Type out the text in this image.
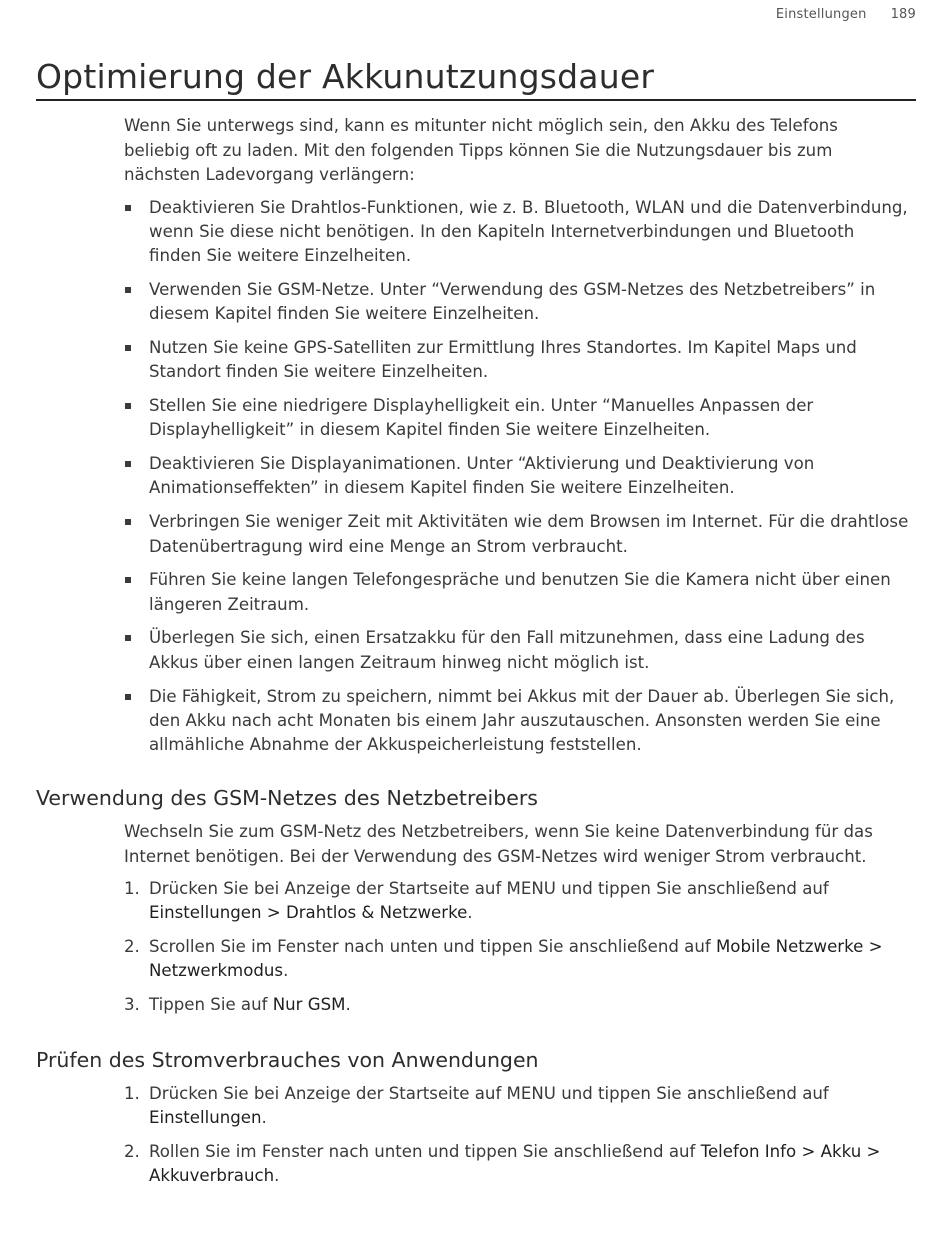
Einstellungen 189
Optimierung der Akkunutzungsdauer

Wenn Sie unterwegs sind, kann es mitunter nicht möglich sein, den Akku des Telefons beliebig oft zu laden. Mit den folgenden Tipps können Sie die Nutzungsdauer bis zum nächsten Ladevorgang verlängern:

Deaktivieren Sie Drahtlos-Funktionen, wie z. B. Bluetooth, WLAN und die Datenverbindung, wenn Sie diese nicht benötigen. In den Kapiteln Internetverbindungen und Bluetooth finden Sie weitere Einzelheiten.
Verwenden Sie GSM-Netze. Unter “Verwendung des GSM-Netzes des Netzbetreibers” in diesem Kapitel finden Sie weitere Einzelheiten.
Nutzen Sie keine GPS-Satelliten zur Ermittlung Ihres Standortes. Im Kapitel Maps und Standort finden Sie weitere Einzelheiten.
Stellen Sie eine niedrigere Displayhelligkeit ein. Unter “Manuelles Anpassen der Displayhelligkeit” in diesem Kapitel finden Sie weitere Einzelheiten.
Deaktivieren Sie Displayanimationen. Unter “Aktivierung und Deaktivierung von Animationseffekten” in diesem Kapitel finden Sie weitere Einzelheiten.
Verbringen Sie weniger Zeit mit Aktivitäten wie dem Browsen im Internet. Für die drahtlose Datenübertragung wird eine Menge an Strom verbraucht.
Führen Sie keine langen Telefongespräche und benutzen Sie die Kamera nicht über einen längeren Zeitraum.
Überlegen Sie sich, einen Ersatzakku für den Fall mitzunehmen, dass eine Ladung des Akkus über einen langen Zeitraum hinweg nicht möglich ist.
Die Fähigkeit, Strom zu speichern, nimmt bei Akkus mit der Dauer ab. Überlegen Sie sich, den Akku nach acht Monaten bis einem Jahr auszutauschen. Ansonsten werden Sie eine allmähliche Abnahme der Akkuspeicherleistung feststellen.
Verwendung des GSM-Netzes des Netzbetreibers

Wechseln Sie zum GSM-Netz des Netzbetreibers, wenn Sie keine Datenverbindung für das Internet benötigen. Bei der Verwendung des GSM-Netzes wird weniger Strom verbraucht.

1. Drücken Sie bei Anzeige der Startseite auf MENU und tippen Sie anschließend auf Einstellungen > Drahtlos & Netzwerke.
2. Scrollen Sie im Fenster nach unten und tippen Sie anschließend auf Mobile Netzwerke > Netzwerkmodus.
3. Tippen Sie auf Nur GSM.
Prüfen des Stromverbrauches von Anwendungen
1. Drücken Sie bei Anzeige der Startseite auf MENU und tippen Sie anschließend auf Einstellungen.
2. Rollen Sie im Fenster nach unten und tippen Sie anschließend auf Telefon Info > Akku > Akkuverbrauch.
